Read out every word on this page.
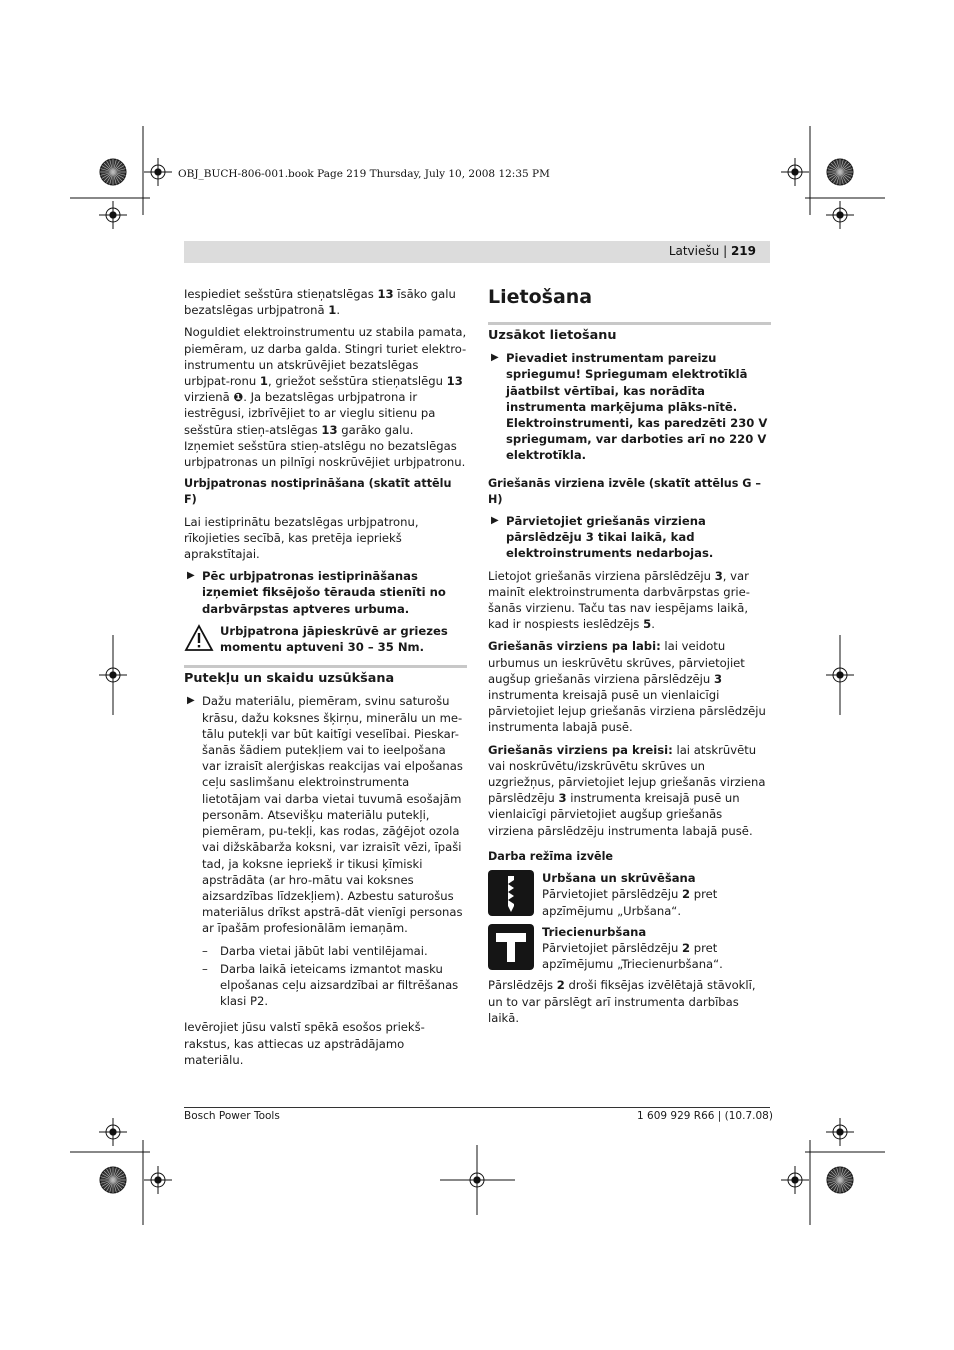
OBJ_BUCH-806-001.book Page 219 Thursday, July 10, 2008 12:35 PM
Latviešu | 219

Iespiediet sešstūra stieņatslēgas 13 īsāko galu bezatslēgas urbjpatronā 1.

Noguldiet elektroinstrumentu uz stabila pamata, piemēram, uz darba galda. Stingri turiet elektro-instrumentu un atskrūvējiet bezatslēgas urbjpat-ronu 1, griežot sešstūra stieņatslēgu 13 virzienā ❶. Ja bezatslēgas urbjpatrona ir iestrēgusi, izbrīvējiet to ar vieglu sitienu pa sešstūra stieņ-atslēgas 13 garāko galu. Izņemiet sešstūra stieņ-atslēgu no bezatslēgas urbjpatronas un pilnīgi noskrūvējiet urbjpatronu.

Urbjpatronas nostiprināšana (skatīt attēlu F)

Lai iestiprinātu bezatslēgas urbjpatronu, rīkojieties secībā, kas pretēja iepriekš aprakstītajai.

▶ Pēc urbjpatronas iestiprināšanas izņemiet fiksējošo tērauda stienīti no darbvārpstas aptveres urbuma.
Urbjpatrona jāpieskrūvē ar griezes momentu aptuveni 30 – 35 Nm.
Putekļu un skaidu uzsūkšana
▶ Dažu materiālu, piemēram, svinu saturošu krāsu, dažu koksnes šķirņu, minerālu un me-tālu putekļi var būt kaitīgi veselībai. Pieskar-šanās šādiem putekļiem vai to ieelpošana var izraisīt alerģiskas reakcijas vai elpošanas ceļu saslimšanu elektroinstrumenta lietotājam vai darba vietai tuvumā esošajām personām. Atsevišķu materiālu putekļi, piemēram, pu-tekļi, kas rodas, zāģējot ozola vai dižskābarža koksni, var izraisīt vēzi, īpaši tad, ja koksne iepriekš ir tikusi ķīmiski apstrādāta (ar hro-mātu vai koksnes aizsardzības līdzekļiem). Azbestu saturošus materiālus drīkst apstrā-dāt vienīgi personas ar īpašām profesionālām iemaņām.
– Darba vietai jābūt labi ventilējamai.
– Darba laikā ieteicams izmantot masku elpošanas ceļu aizsardzībai ar filtrēšanas klasi P2.

Ievērojiet jūsu valstī spēkā esošos priekš-rakstus, kas attiecas uz apstrādājamo materiālu.

Lietošana
Uzsākot lietošanu
▶ Pievadiet instrumentam pareizu spriegumu! Spriegumam elektrotīklā jāatbilst vērtībai, kas norādīta instrumenta marķējuma plāks-nītē. Elektroinstrumenti, kas paredzēti 230 V spriegumam, var darboties arī no 220 V elektrotīkla.
Griešanās virziena izvēle (skatīt attēlus G – H)
▶ Pārvietojiet griešanās virziena pārslēdzēju 3 tikai laikā, kad elektroinstruments nedarbojas.

Lietojot griešanās virziena pārslēdzēju 3, var mainīt elektroinstrumenta darbvārpstas grie-šanās virzienu. Taču tas nav iespējams laikā, kad ir nospiests ieslēdzējs 5.

Griešanās virziens pa labi: lai veidotu urbumus un ieskrūvētu skrūves, pārvietojiet augšup griešanās virziena pārslēdzēju 3 instrumenta kreisajā pusē un vienlaicīgi pārvietojiet lejup griešanās virziena pārslēdzēju instrumenta labajā pusē.

Griešanās virziens pa kreisi: lai atskrūvētu vai noskrūvētu/izskrūvētu skrūves un uzgriežņus, pārvietojiet lejup griešanās virziena pārslēdzēju 3 instrumenta kreisajā pusē un vienlaicīgi pārvietojiet augšup griešanās virziena pārslēdzēju instrumenta labajā pusē.

Darba režīma izvēle
Urbšana un skrūvēšana
Pārvietojiet pārslēdzēju 2 pret apzīmējumu „Urbšana“.
Triecienurbšana
Pārvietojiet pārslēdzēju 2 pret apzīmējumu „Triecienurbšana“.

Pārslēdzējs 2 droši fiksējas izvēlētajā stāvoklī, un to var pārslēgt arī instrumenta darbības laikā.

Bosch Power Tools	1 609 929 R66 | (10.7.08)
